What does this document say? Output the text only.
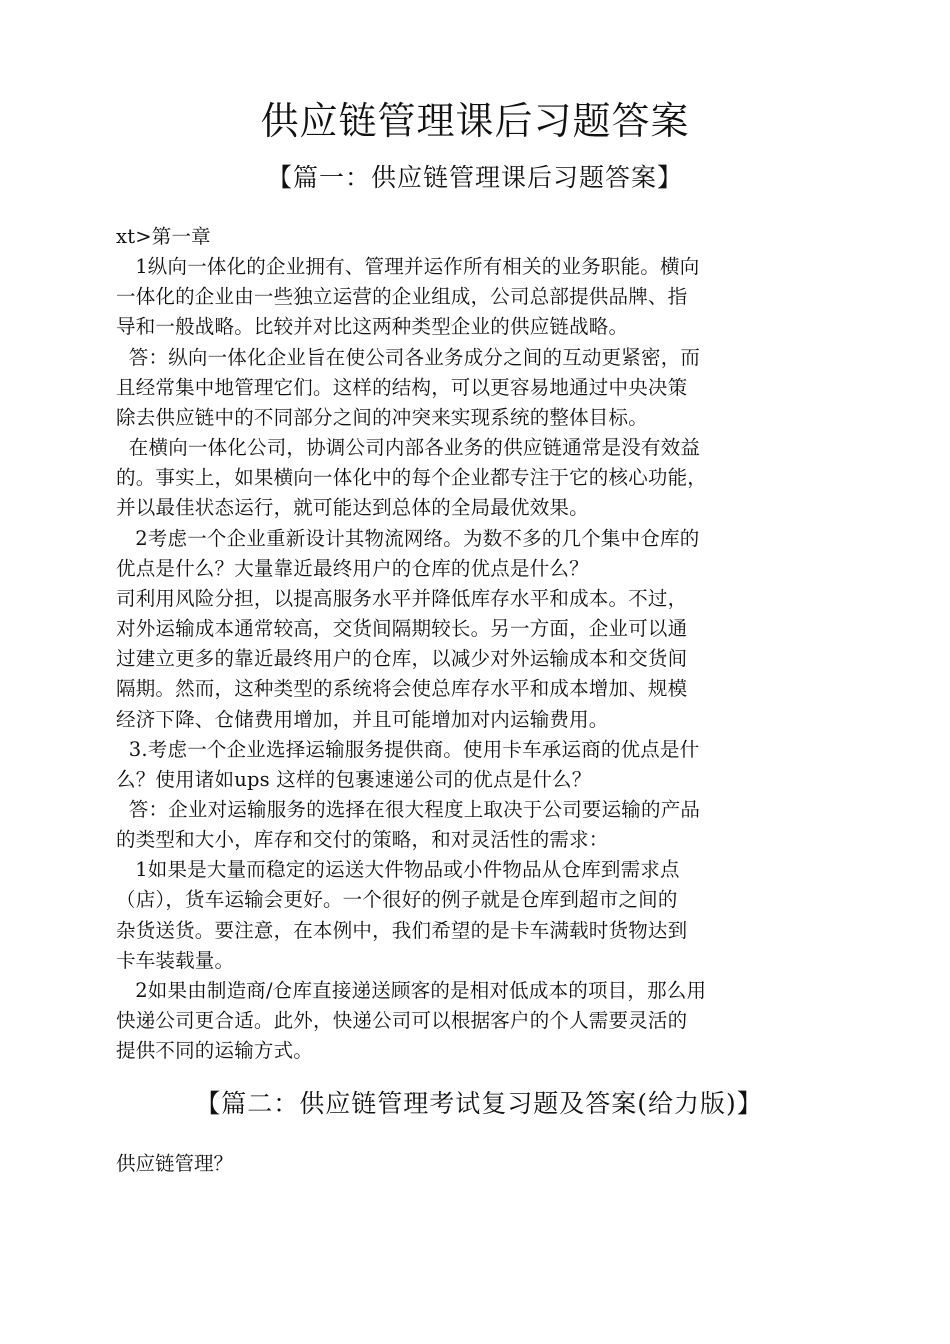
供应链管理课后习题答案
【篇一：供应链管理课后习题答案】

xt>第一章

1纵向一体化的企业拥有、管理并运作所有相关的业务职能。横向

一体化的企业由一些独立运营的企业组成，公司总部提供品牌、指

导和一般战略。比较并对比这两种类型企业的供应链战略。

答：纵向一体化企业旨在使公司各业务成分之间的互动更紧密，而

且经常集中地管理它们。这样的结构，可以更容易地通过中央决策

除去供应链中的不同部分之间的冲突来实现系统的整体目标。

在横向一体化公司，协调公司内部各业务的供应链通常是没有效益

的。事实上，如果横向一体化中的每个企业都专注于它的核心功能，

并以最佳状态运行，就可能达到总体的全局最优效果。

2考虑一个企业重新设计其物流网络。为数不多的几个集中仓库的

优点是什么？大量靠近最终用户的仓库的优点是什么？

司利用风险分担，以提高服务水平并降低库存水平和成本。不过，

对外运输成本通常较高，交货间隔期较长。另一方面，企业可以通

过建立更多的靠近最终用户的仓库，以减少对外运输成本和交货间

隔期。然而，这种类型的系统将会使总库存水平和成本增加、规模

经济下降、仓储费用增加，并且可能增加对内运输费用。

3.考虑一个企业选择运输服务提供商。使用卡车承运商的优点是什

么？使用诸如ups 这样的包裹速递公司的优点是什么？

答：企业对运输服务的选择在很大程度上取决于公司要运输的产品

的类型和大小，库存和交付的策略，和对灵活性的需求：

1如果是大量而稳定的运送大件物品或小件物品从仓库到需求点

（店），货车运输会更好。一个很好的例子就是仓库到超市之间的

杂货送货。要注意，在本例中，我们希望的是卡车满载时货物达到

卡车装载量。

2如果由制造商/仓库直接递送顾客的是相对低成本的项目，那么用

快递公司更合适。此外，快递公司可以根据客户的个人需要灵活的

提供不同的运输方式。

【篇二：供应链管理考试复习题及答案(给力版)】
供应链管理？
